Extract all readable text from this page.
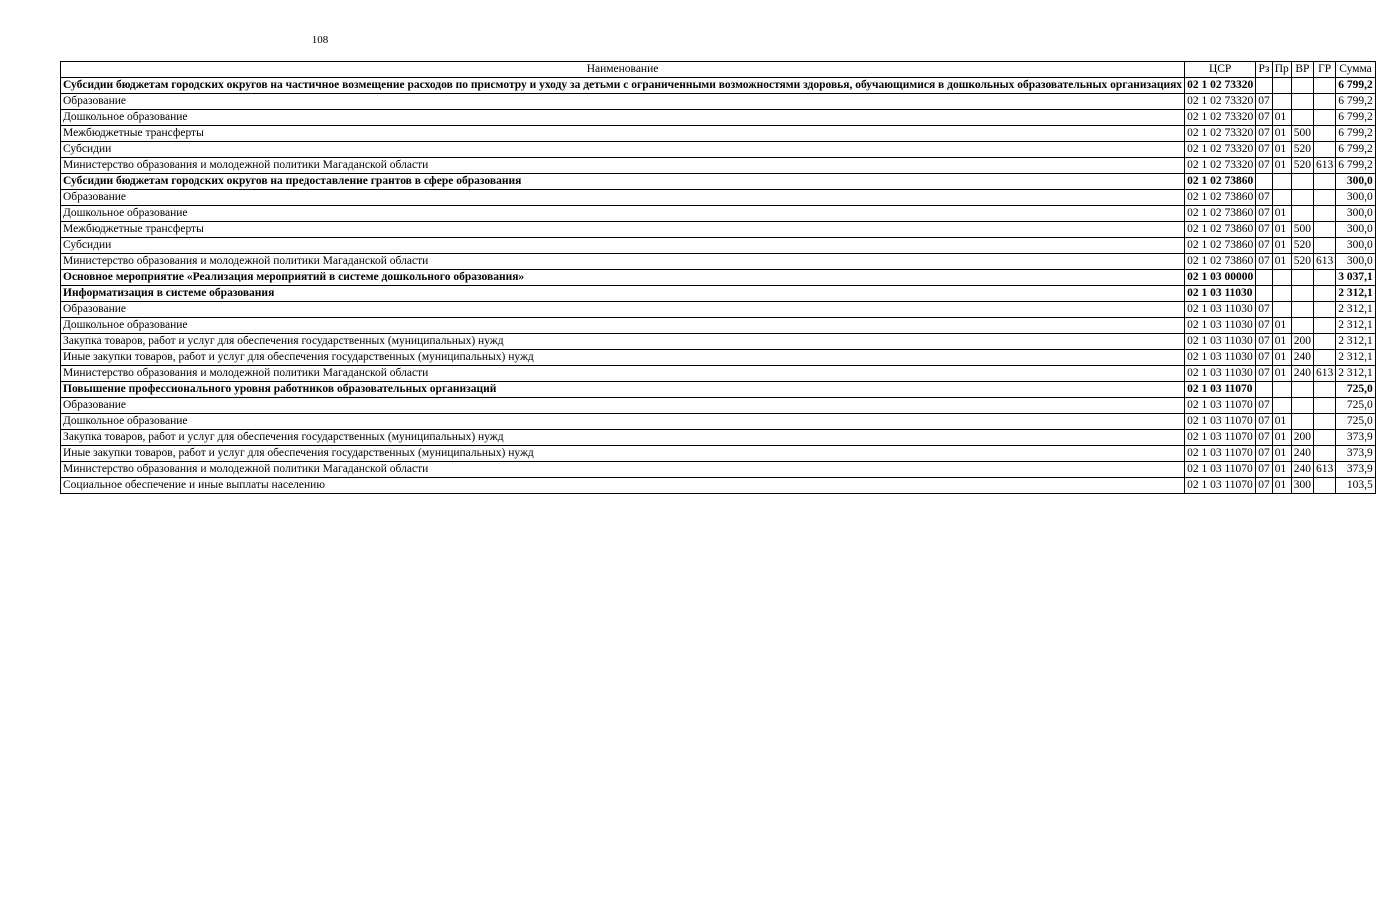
108
Наименование	ЦСР	Рз	Пр	ВР	ГР	Сумма
Субсидии бюджетам городских округов на частичное возмещение расходов по присмотру и уходу за детьми с ограниченными возможностями здоровья, обучающимися в дошкольных образовательных организациях	02 1 02 73320					6 799,2
Образование	02 1 02 73320	07				6 799,2
Дошкольное образование	02 1 02 73320	07	01			6 799,2
Межбюджетные трансферты	02 1 02 73320	07	01	500		6 799,2
Субсидии	02 1 02 73320	07	01	520		6 799,2
Министерство образования и молодежной политики Магаданской области	02 1 02 73320	07	01	520	613	6 799,2
Субсидии бюджетам городских округов на предоставление грантов в сфере образования	02 1 02 73860					300,0
Образование	02 1 02 73860	07				300,0
Дошкольное образование	02 1 02 73860	07	01			300,0
Межбюджетные трансферты	02 1 02 73860	07	01	500		300,0
Субсидии	02 1 02 73860	07	01	520		300,0
Министерство образования и молодежной политики Магаданской области	02 1 02 73860	07	01	520	613	300,0
Основное мероприятие «Реализация мероприятий в системе дошкольного образования»	02 1 03 00000					3 037,1
Информатизация в системе образования	02 1 03 11030					2 312,1
Образование	02 1 03 11030	07				2 312,1
Дошкольное образование	02 1 03 11030	07	01			2 312,1
Закупка товаров, работ и услуг для обеспечения государственных (муниципальных) нужд	02 1 03 11030	07	01	200		2 312,1
Иные закупки товаров, работ и услуг для обеспечения государственных (муниципальных) нужд	02 1 03 11030	07	01	240		2 312,1
Министерство образования и молодежной политики Магаданской области	02 1 03 11030	07	01	240	613	2 312,1
Повышение профессионального уровня работников образовательных организаций	02 1 03 11070					725,0
Образование	02 1 03 11070	07				725,0
Дошкольное образование	02 1 03 11070	07	01			725,0
Закупка товаров, работ и услуг для обеспечения государственных (муниципальных) нужд	02 1 03 11070	07	01	200		373,9
Иные закупки товаров, работ и услуг для обеспечения государственных (муниципальных) нужд	02 1 03 11070	07	01	240		373,9
Министерство образования и молодежной политики Магаданской области	02 1 03 11070	07	01	240	613	373,9
Социальное обеспечение и иные выплаты населению	02 1 03 11070	07	01	300		103,5
